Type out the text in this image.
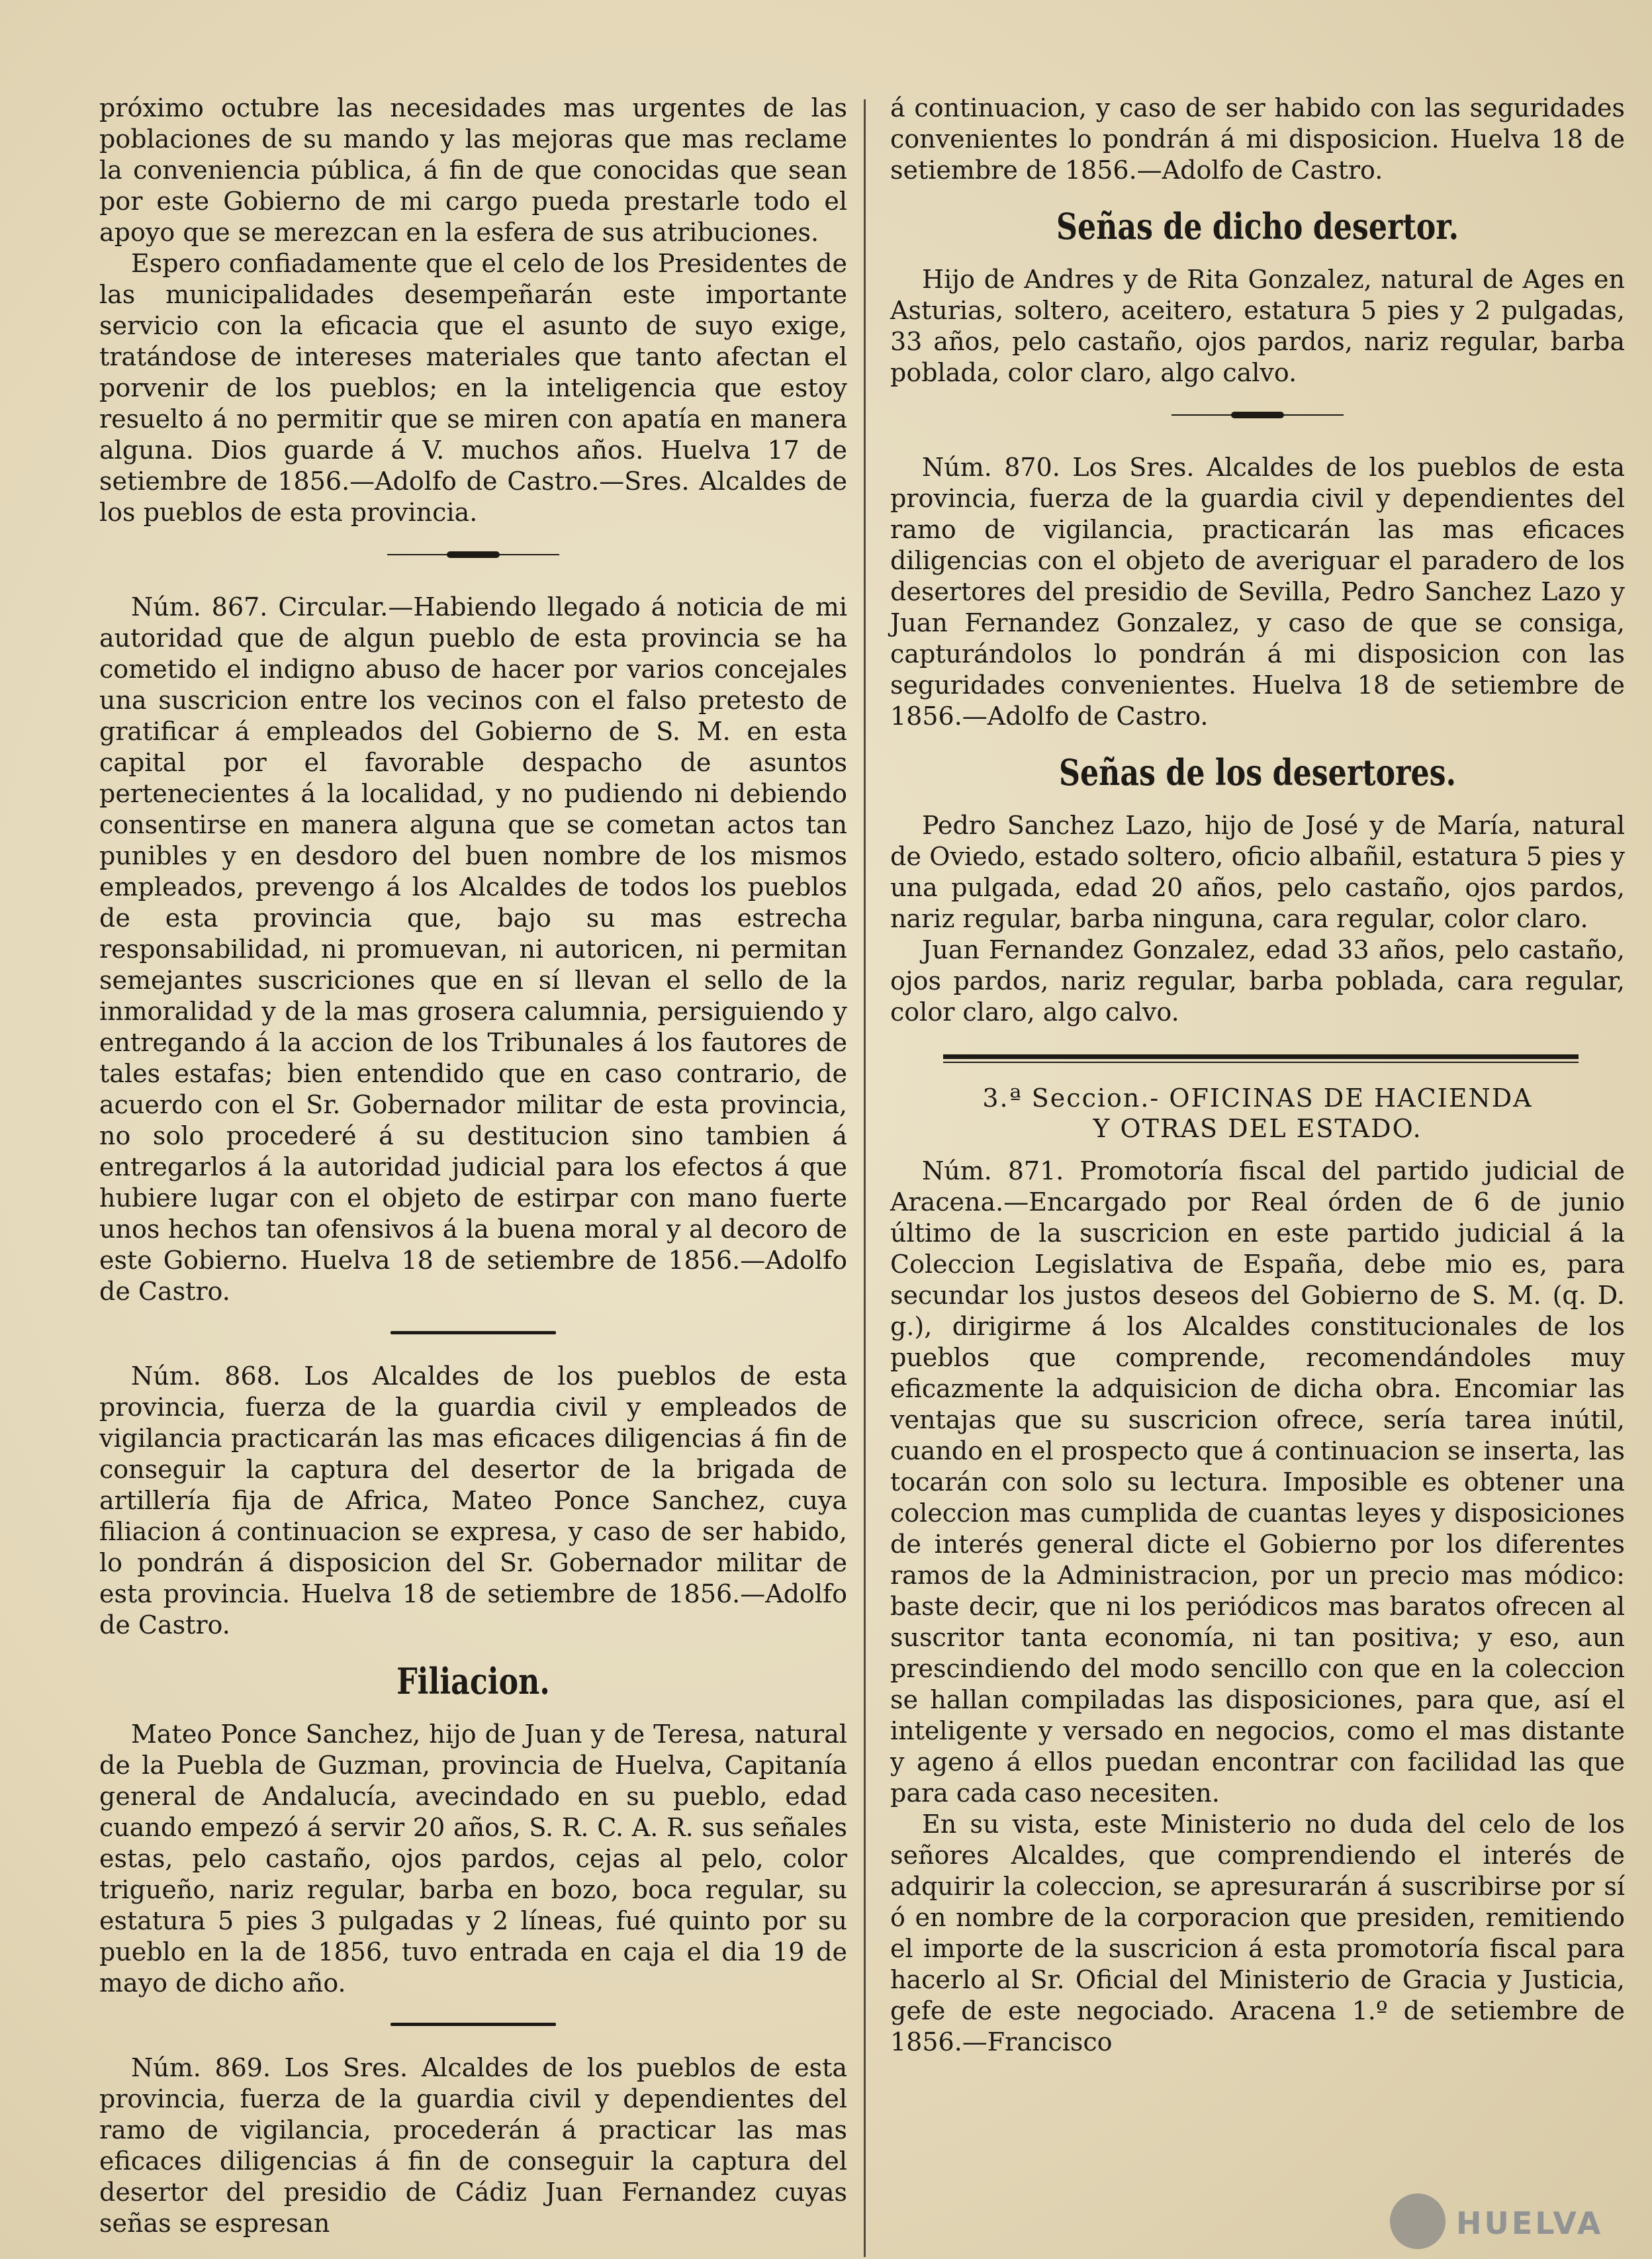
próximo octubre las necesidades mas urgentes de las poblaciones de su mando y las mejoras que mas reclame la conveniencia pública, á fin de que conocidas que sean por este Gobierno de mi cargo pueda prestarle todo el apoyo que se merezcan en la esfera de sus atribuciones.

Espero confiadamente que el celo de los Presidentes de las municipalidades desempeñarán este importante servicio con la eficacia que el asunto de suyo exige, tratándose de intereses materiales que tanto afectan el porvenir de los pueblos; en la inteligencia que estoy resuelto á no permitir que se miren con apatía en manera alguna. Dios guarde á V. muchos años. Huelva 17 de setiembre de 1856.—Adolfo de Castro.—Sres. Alcaldes de los pueblos de esta provincia.

Núm. 867. Circular.—Habiendo llegado á noticia de mi autoridad que de algun pueblo de esta provincia se ha cometido el indigno abuso de hacer por varios concejales una suscricion entre los vecinos con el falso pretesto de gratificar á empleados del Gobierno de S. M. en esta capital por el favorable despacho de asuntos pertenecientes á la localidad, y no pudiendo ni debiendo consentirse en manera alguna que se cometan actos tan punibles y en desdoro del buen nombre de los mismos empleados, prevengo á los Alcaldes de todos los pueblos de esta provincia que, bajo su mas estrecha responsabilidad, ni promuevan, ni autoricen, ni permitan semejantes suscriciones que en sí llevan el sello de la inmoralidad y de la mas grosera calumnia, persiguiendo y entregando á la accion de los Tribunales á los fautores de tales estafas; bien entendido que en caso contrario, de acuerdo con el Sr. Gobernador militar de esta provincia, no solo procederé á su destitucion sino tambien á entregarlos á la autoridad judicial para los efectos á que hubiere lugar con el objeto de estirpar con mano fuerte unos hechos tan ofensivos á la buena moral y al decoro de este Gobierno. Huelva 18 de setiembre de 1856.—Adolfo de Castro.

Núm. 868. Los Alcaldes de los pueblos de esta provincia, fuerza de la guardia civil y empleados de vigilancia practicarán las mas eficaces diligencias á fin de conseguir la captura del desertor de la brigada de artillería fija de Africa, Mateo Ponce Sanchez, cuya filiacion á continuacion se expresa, y caso de ser habido, lo pondrán á disposicion del Sr. Gobernador militar de esta provincia. Huelva 18 de setiembre de 1856.—Adolfo de Castro.

Filiacion.

Mateo Ponce Sanchez, hijo de Juan y de Teresa, natural de la Puebla de Guzman, provincia de Huelva, Capitanía general de Andalucía, avecindado en su pueblo, edad cuando empezó á servir 20 años, S. R. C. A. R. sus señales estas, pelo castaño, ojos pardos, cejas al pelo, color trigueño, nariz regular, barba en bozo, boca regular, su estatura 5 pies 3 pulgadas y 2 líneas, fué quinto por su pueblo en la de 1856, tuvo entrada en caja el dia 19 de mayo de dicho año.

Núm. 869. Los Sres. Alcaldes de los pueblos de esta provincia, fuerza de la guardia civil y dependientes del ramo de vigilancia, procederán á practicar las mas eficaces diligencias á fin de conseguir la captura del desertor del presidio de Cádiz Juan Fernandez cuyas señas se espresan

á continuacion, y caso de ser habido con las seguridades convenientes lo pondrán á mi disposicion. Huelva 18 de setiembre de 1856.—Adolfo de Castro.

Señas de dicho desertor.

Hijo de Andres y de Rita Gonzalez, natural de Ages en Asturias, soltero, aceitero, estatura 5 pies y 2 pulgadas, 33 años, pelo castaño, ojos pardos, nariz regular, barba poblada, color claro, algo calvo.

Núm. 870. Los Sres. Alcaldes de los pueblos de esta provincia, fuerza de la guardia civil y dependientes del ramo de vigilancia, practicarán las mas eficaces diligencias con el objeto de averiguar el paradero de los desertores del presidio de Sevilla, Pedro Sanchez Lazo y Juan Fernandez Gonzalez, y caso de que se consiga, capturándolos lo pondrán á mi disposicion con las seguridades convenientes. Huelva 18 de setiembre de 1856.—Adolfo de Castro.

Señas de los desertores.

Pedro Sanchez Lazo, hijo de José y de María, natural de Oviedo, estado soltero, oficio albañil, estatura 5 pies y una pulgada, edad 20 años, pelo castaño, ojos pardos, nariz regular, barba ninguna, cara regular, color claro.

Juan Fernandez Gonzalez, edad 33 años, pelo castaño, ojos pardos, nariz regular, barba poblada, cara regular, color claro, algo calvo.

3.ª Seccion.- OFICINAS DE HACIENDA
Y OTRAS DEL ESTADO.

Núm. 871. Promotoría fiscal del partido judicial de Aracena.—Encargado por Real órden de 6 de junio último de la suscricion en este partido judicial á la Coleccion Legislativa de España, debe mio es, para secundar los justos deseos del Gobierno de S. M. (q. D. g.), dirigirme á los Alcaldes constitucionales de los pueblos que comprende, recomendándoles muy eficazmente la adquisicion de dicha obra. Encomiar las ventajas que su suscricion ofrece, sería tarea inútil, cuando en el prospecto que á continuacion se inserta, las tocarán con solo su lectura. Imposible es obtener una coleccion mas cumplida de cuantas leyes y disposiciones de interés general dicte el Gobierno por los diferentes ramos de la Administracion, por un precio mas módico: baste decir, que ni los periódicos mas baratos ofrecen al suscritor tanta economía, ni tan positiva; y eso, aun prescindiendo del modo sencillo con que en la coleccion se hallan compiladas las disposiciones, para que, así el inteligente y versado en negocios, como el mas distante y ageno á ellos puedan encontrar con facilidad las que para cada caso necesiten.

En su vista, este Ministerio no duda del celo de los señores Alcaldes, que comprendiendo el interés de adquirir la coleccion, se apresurarán á suscribirse por sí ó en nombre de la corporacion que presiden, remitiendo el importe de la suscricion á esta promotoría fiscal para hacerlo al Sr. Oficial del Ministerio de Gracia y Justicia, gefe de este negociado. Aracena 1.º de setiembre de 1856.—Francisco

HUELVA
